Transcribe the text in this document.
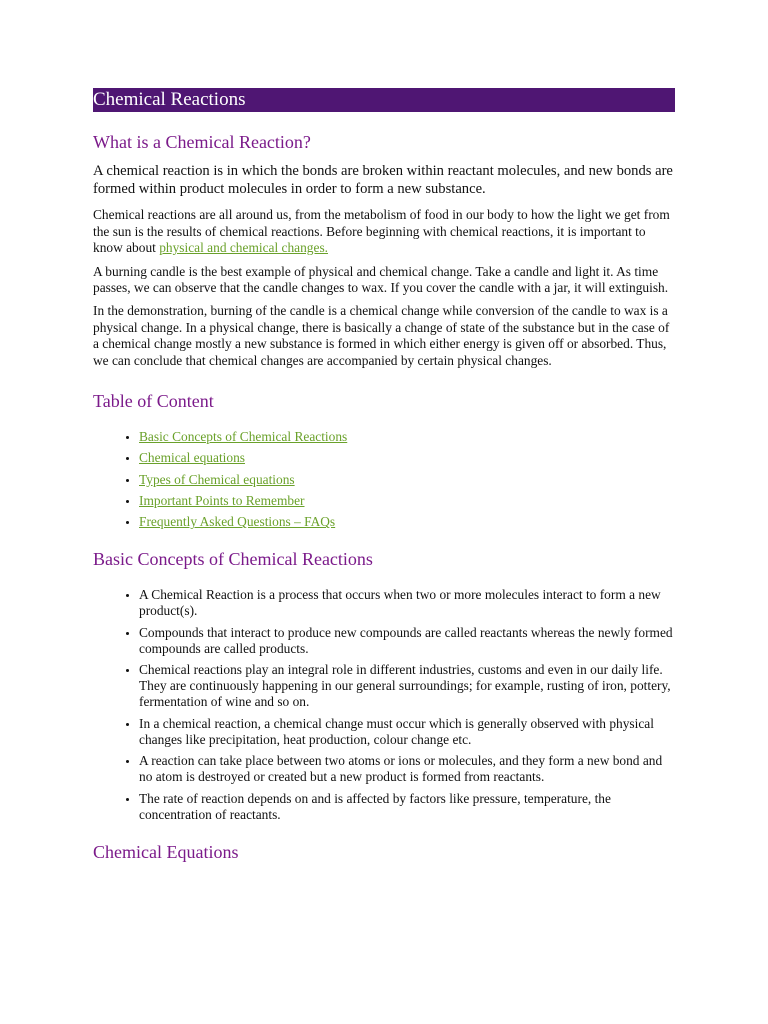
Chemical Reactions
What is a Chemical Reaction?

A chemical reaction is in which the bonds are broken within reactant molecules, and new bonds are formed within product molecules in order to form a new substance.

Chemical reactions are all around us, from the metabolism of food in our body to how the light we get from the sun is the results of chemical reactions. Before beginning with chemical reactions, it is important to know about physical and chemical changes.

A burning candle is the best example of physical and chemical change. Take a candle and light it. As time passes, we can observe that the candle changes to wax. If you cover the candle with a jar, it will extinguish.

In the demonstration, burning of the candle is a chemical change while conversion of the candle to wax is a physical change. In a physical change, there is basically a change of state of the substance but in the case of a chemical change mostly a new substance is formed in which either energy is given off or absorbed. Thus, we can conclude that chemical changes are accompanied by certain physical changes.

Table of Content
• Basic Concepts of Chemical Reactions
• Chemical equations
• Types of Chemical equations
• Important Points to Remember
• Frequently Asked Questions – FAQs
Basic Concepts of Chemical Reactions
• A Chemical Reaction is a process that occurs when two or more molecules interact to form a new product(s).
• Compounds that interact to produce new compounds are called reactants whereas the newly formed compounds are called products.
• Chemical reactions play an integral role in different industries, customs and even in our daily life. They are continuously happening in our general surroundings; for example, rusting of iron, pottery, fermentation of wine and so on.
• In a chemical reaction, a chemical change must occur which is generally observed with physical changes like precipitation, heat production, colour change etc.
• A reaction can take place between two atoms or ions or molecules, and they form a new bond and no atom is destroyed or created but a new product is formed from reactants.
• The rate of reaction depends on and is affected by factors like pressure, temperature, the concentration of reactants.
Chemical Equations
